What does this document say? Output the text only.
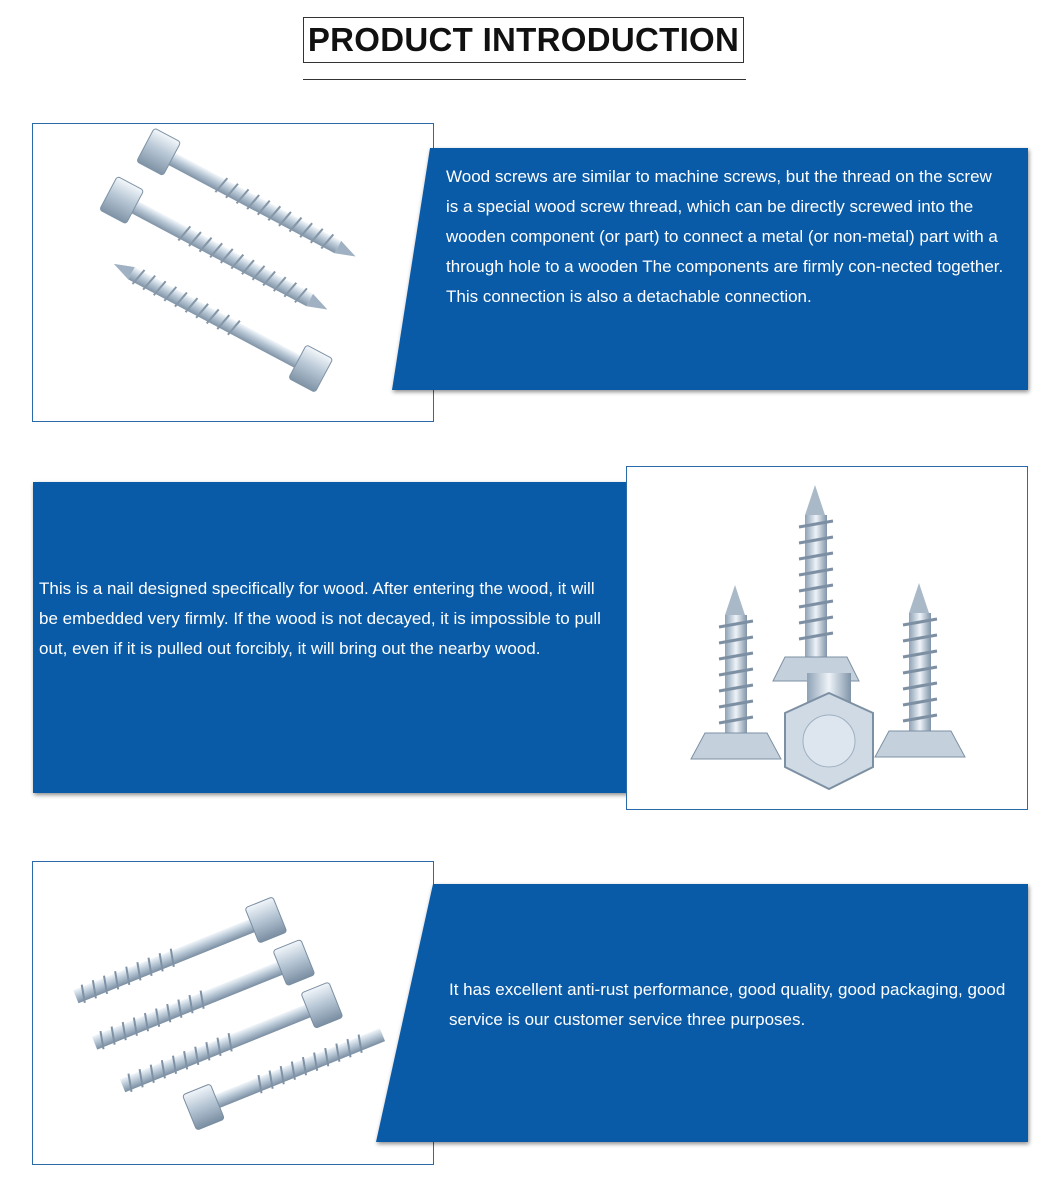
PRODUCT INTRODUCTION
Wood screws are similar to machine screws, but the thread on the screw is a special wood screw thread, which can be directly screwed into the wooden component (or part) to connect a metal (or non-metal) part with a through hole to a wooden The components are firmly con-nected together. This connection is also a detachable connection.
This is a nail designed specifically for wood. After entering the wood, it will be embedded very firmly. If the wood is not decayed, it is impossible to pull out, even if it is pulled out forcibly, it will bring out the nearby wood.
It has excellent anti-rust performance, good quality, good packaging, good service is our customer service three purposes.
